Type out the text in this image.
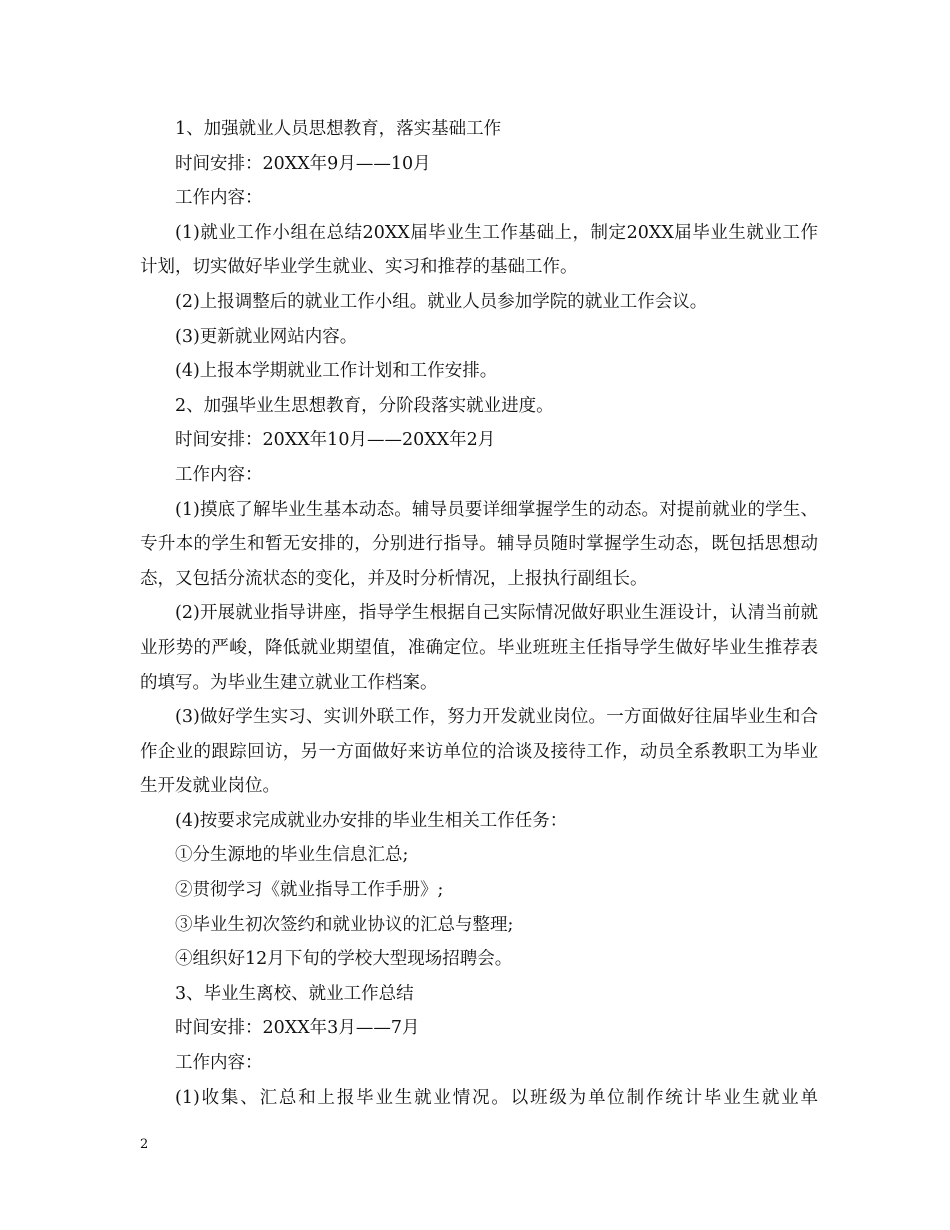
1、加强就业人员思想教育，落实基础工作

时间安排：20XX年9月——10月

工作内容：

(1)就业工作小组在总结20XX届毕业生工作基础上，制定20XX届毕业生就业工作计划，切实做好毕业学生就业、实习和推荐的基础工作。

(2)上报调整后的就业工作小组。就业人员参加学院的就业工作会议。

(3)更新就业网站内容。

(4)上报本学期就业工作计划和工作安排。

2、加强毕业生思想教育，分阶段落实就业进度。

时间安排：20XX年10月——20XX年2月

工作内容：

(1)摸底了解毕业生基本动态。辅导员要详细掌握学生的动态。对提前就业的学生、专升本的学生和暂无安排的，分别进行指导。辅导员随时掌握学生动态，既包括思想动态，又包括分流状态的变化，并及时分析情况，上报执行副组长。

(2)开展就业指导讲座，指导学生根据自己实际情况做好职业生涯设计，认清当前就业形势的严峻，降低就业期望值，准确定位。毕业班班主任指导学生做好毕业生推荐表的填写。为毕业生建立就业工作档案。

(3)做好学生实习、实训外联工作，努力开发就业岗位。一方面做好往届毕业生和合作企业的跟踪回访，另一方面做好来访单位的洽谈及接待工作，动员全系教职工为毕业生开发就业岗位。

(4)按要求完成就业办安排的毕业生相关工作任务：

①分生源地的毕业生信息汇总;

②贯彻学习《就业指导工作手册》;

③毕业生初次签约和就业协议的汇总与整理;

④组织好12月下旬的学校大型现场招聘会。

3、毕业生离校、就业工作总结

时间安排：20XX年3月——7月

工作内容：

(1)收集、汇总和上报毕业生就业情况。以班级为单位制作统计毕业生就业单

2
